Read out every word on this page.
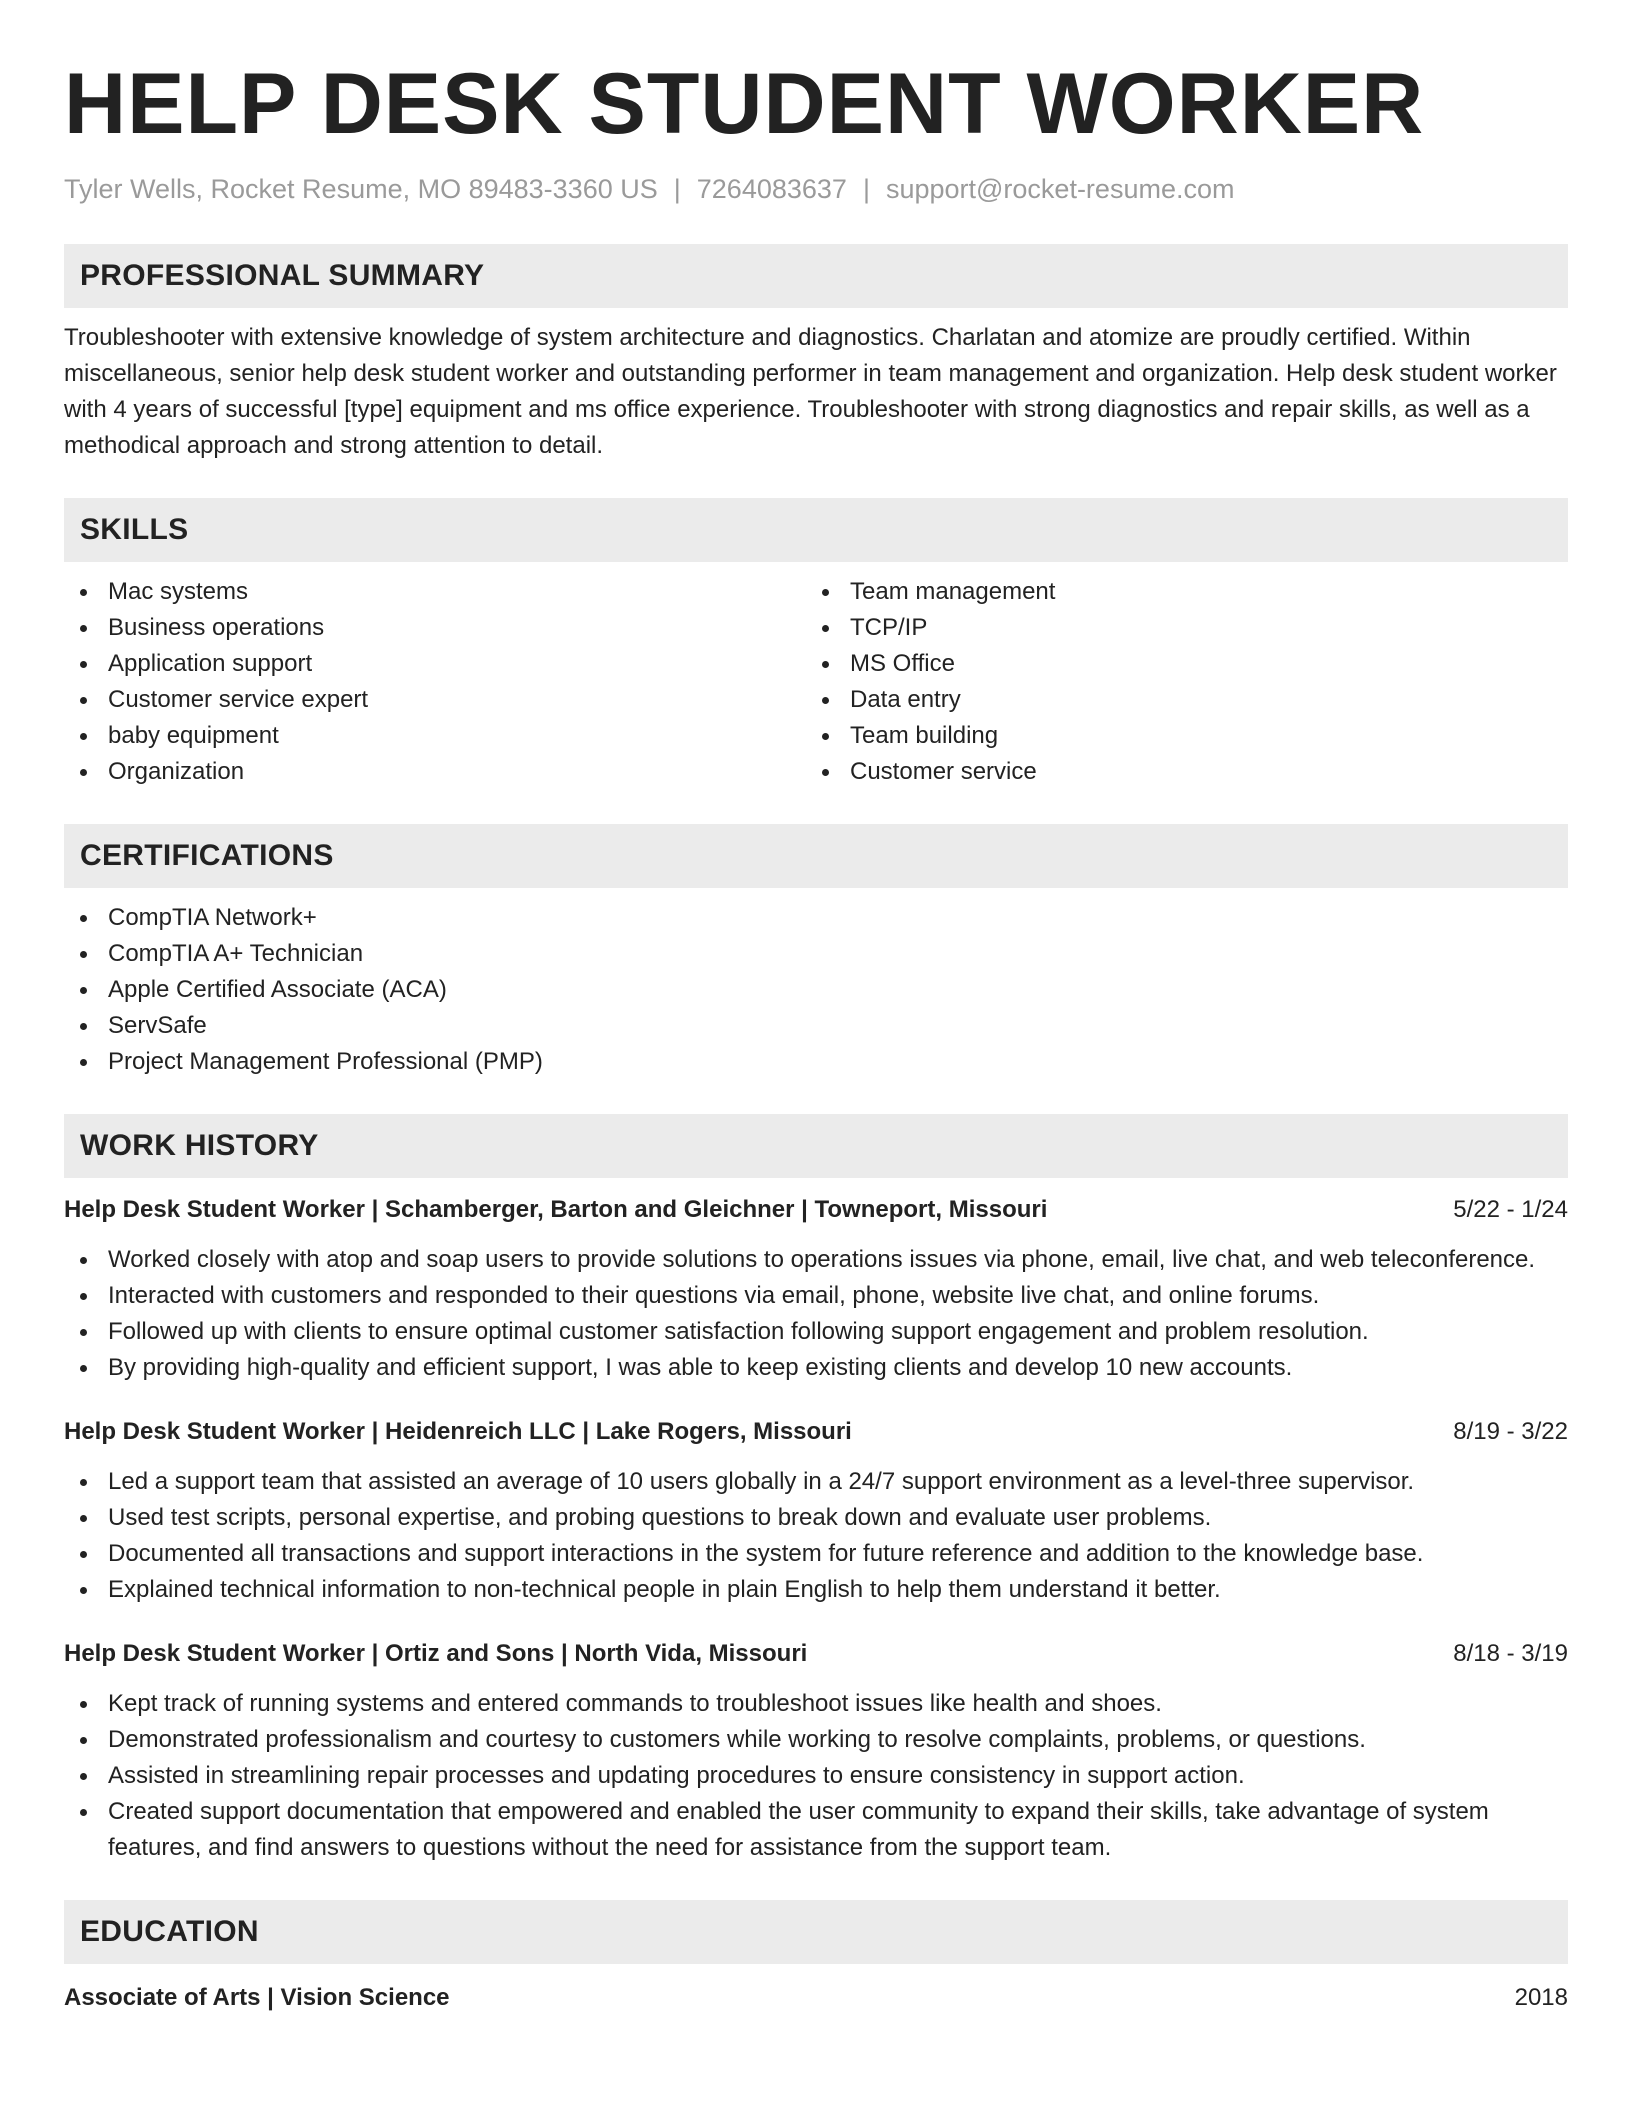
HELP DESK STUDENT WORKER
Tyler Wells, Rocket Resume, MO 89483-3360 US | 7264083637 | support@rocket-resume.com
PROFESSIONAL SUMMARY
Troubleshooter with extensive knowledge of system architecture and diagnostics. Charlatan and atomize are proudly certified. Within miscellaneous, senior help desk student worker and outstanding performer in team management and organization. Help desk student worker with 4 years of successful [type] equipment and ms office experience. Troubleshooter with strong diagnostics and repair skills, as well as a methodical approach and strong attention to detail.
SKILLS
Mac systems
Business operations
Application support
Customer service expert
baby equipment
Organization
Team management
TCP/IP
MS Office
Data entry
Team building
Customer service
CERTIFICATIONS
CompTIA Network+
CompTIA A+ Technician
Apple Certified Associate (ACA)
ServSafe
Project Management Professional (PMP)
WORK HISTORY
Help Desk Student Worker | Schamberger, Barton and Gleichner | Towneport, Missouri	5/22 - 1/24
Worked closely with atop and soap users to provide solutions to operations issues via phone, email, live chat, and web teleconference.
Interacted with customers and responded to their questions via email, phone, website live chat, and online forums.
Followed up with clients to ensure optimal customer satisfaction following support engagement and problem resolution.
By providing high-quality and efficient support, I was able to keep existing clients and develop 10 new accounts.
Help Desk Student Worker | Heidenreich LLC | Lake Rogers, Missouri	8/19 - 3/22
Led a support team that assisted an average of 10 users globally in a 24/7 support environment as a level-three supervisor.
Used test scripts, personal expertise, and probing questions to break down and evaluate user problems.
Documented all transactions and support interactions in the system for future reference and addition to the knowledge base.
Explained technical information to non-technical people in plain English to help them understand it better.
Help Desk Student Worker | Ortiz and Sons | North Vida, Missouri	8/18 - 3/19
Kept track of running systems and entered commands to troubleshoot issues like health and shoes.
Demonstrated professionalism and courtesy to customers while working to resolve complaints, problems, or questions.
Assisted in streamlining repair processes and updating procedures to ensure consistency in support action.
Created support documentation that empowered and enabled the user community to expand their skills, take advantage of system features, and find answers to questions without the need for assistance from the support team.
EDUCATION
Associate of Arts | Vision Science	2018
